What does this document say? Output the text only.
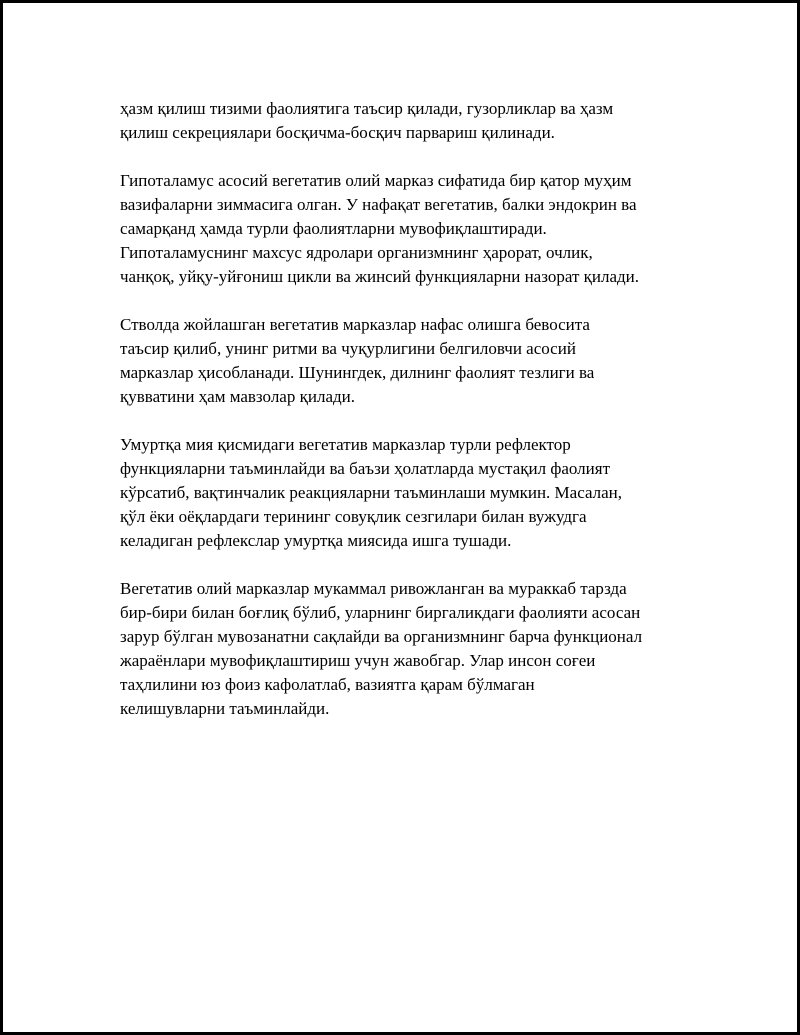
ҳазм қилиш тизими фаолиятига таъсир қилади, гузорликлар ва ҳазм
қилиш секрециялари босқичма-босқич парвариш қилинади.
Гипоталамус асосий вегетатив олий марказ сифатида бир қатор муҳим
вазифаларни зиммасига олган. У нафақат вегетатив, балки эндокрин ва
самарқанд ҳамда турли фаолиятларни мувофиқлаштиради.
Гипоталамуснинг махсус ядролари организмнинг ҳарорат, очлик,
чанқоқ, уйқу-уйғониш цикли ва жинсий функцияларни назорат қилади.
Стволда жойлашган вегетатив марказлар нафас олишга бевосита
таъсир қилиб, унинг ритми ва чуқурлигини белгиловчи асосий
марказлар ҳисобланади. Шунингдек, дилнинг фаолият тезлиги ва
қувватини ҳам мавзолар қилади.
Умуртқа мия қисмидаги вегетатив марказлар турли рефлектор
функцияларни таъминлайди ва баъзи ҳолатларда мустақил фаолият
кўрсатиб, вақтинчалик реакцияларни таъминлаши мумкин. Масалан,
қўл ёки оёқлардаги терининг совуқлик сезгилари билан вужудга
келадиган рефлекслар умуртқа миясида ишга тушади.
Вегетатив олий марказлар мукаммал ривожланган ва мураккаб тарзда
бир-бири билан боғлиқ бўлиб, уларнинг биргаликдаги фаолияти асосан
зарур бўлган мувозанатни сақлайди ва организмнинг барча функционал
жараёнлари мувофиқлаштириш учун жавобгар. Улар инсон соғеи
таҳлилини юз фоиз кафолатлаб, вазиятга қарам бўлмаган
келишувларни таъминлайди.
